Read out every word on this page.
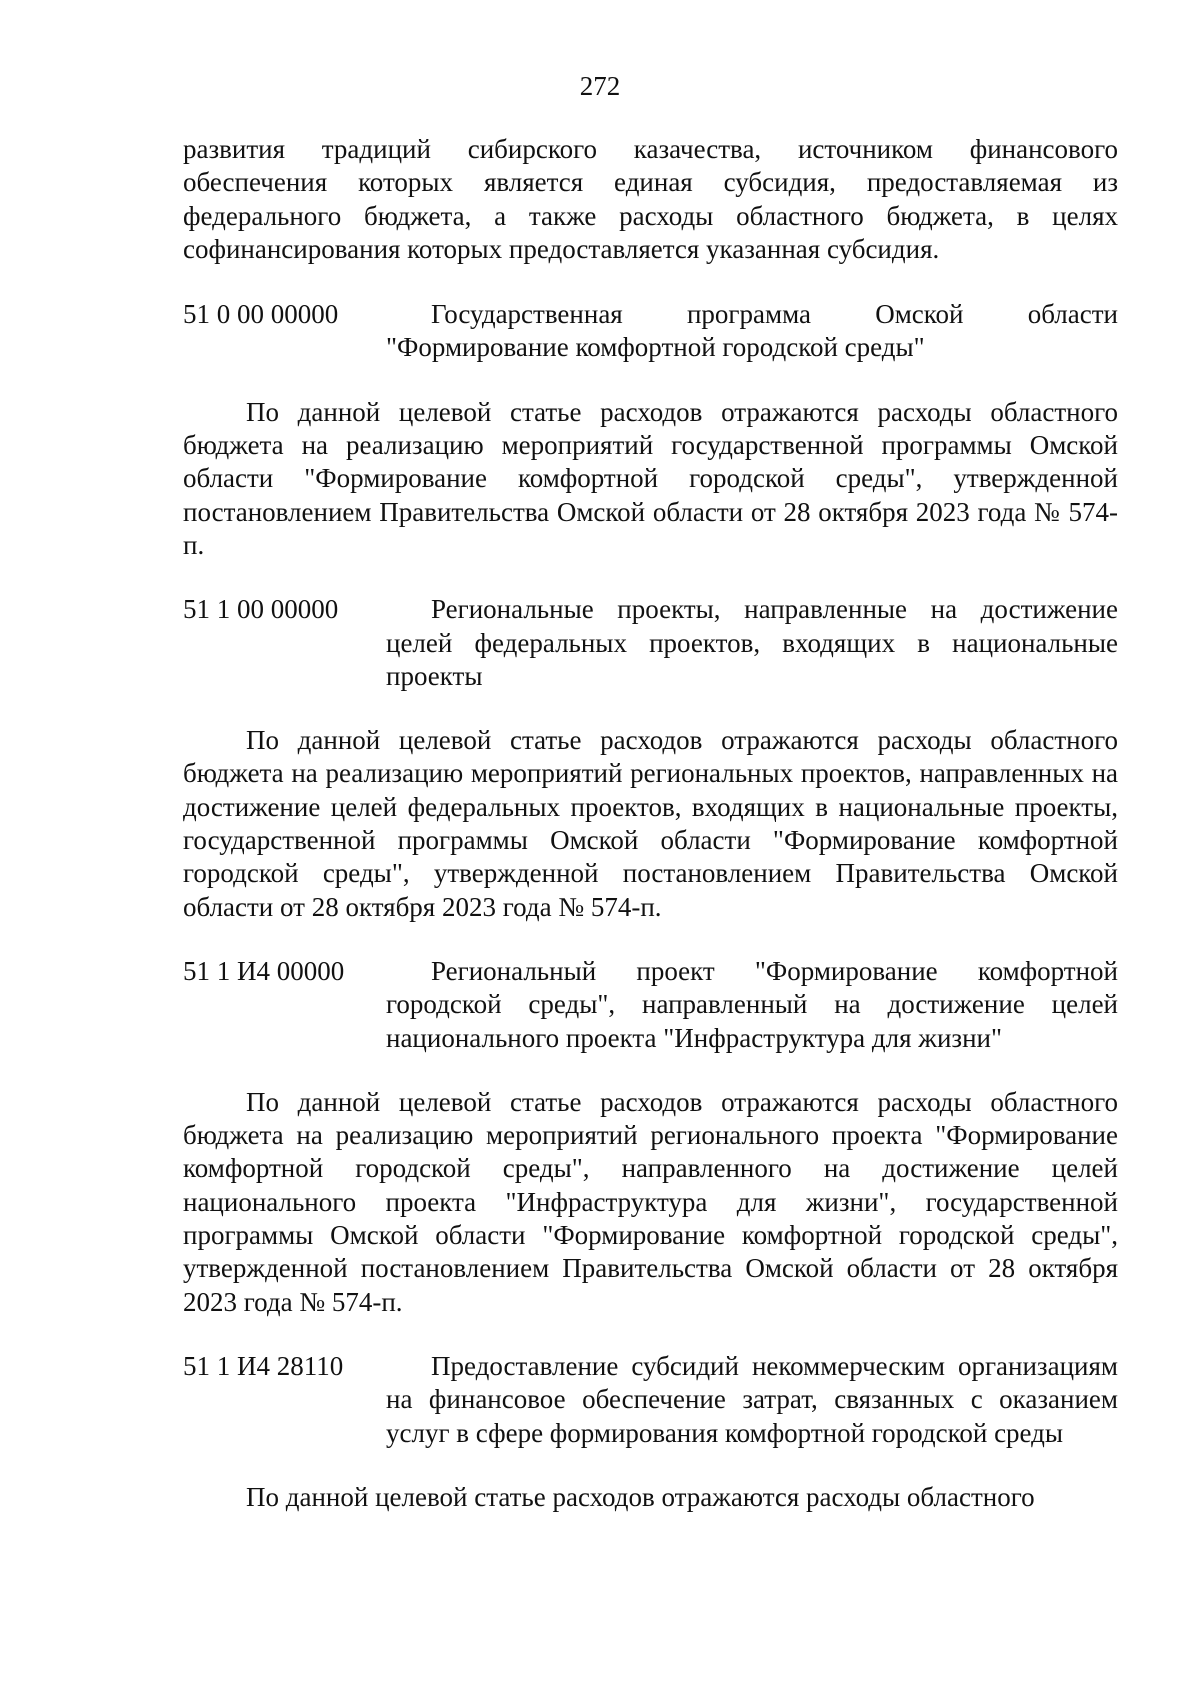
272

развития традиций сибирского казачества, источником финансового обеспечения которых является единая субсидия, предоставляемая из федерального бюджета, а также расходы областного бюджета, в целях софинансирования которых предоставляется указанная субсидия.

51 0 00 00000	Государственная программа Омской области "Формирование комфортной городской среды"

По данной целевой статье расходов отражаются расходы областного бюджета на реализацию мероприятий государственной программы Омской области "Формирование комфортной городской среды", утвержденной постановлением Правительства Омской области от 28 октября 2023 года № 574-п.

51 1 00 00000	Региональные проекты, направленные на достижение целей федеральных проектов, входящих в национальные проекты

По данной целевой статье расходов отражаются расходы областного бюджета на реализацию мероприятий региональных проектов, направленных на достижение целей федеральных проектов, входящих в национальные проекты, государственной программы Омской области "Формирование комфортной городской среды", утвержденной постановлением Правительства Омской области от 28 октября 2023 года № 574-п.

51 1 И4 00000	Региональный проект "Формирование комфортной городской среды", направленный на достижение целей национального проекта "Инфраструктура для жизни"

По данной целевой статье расходов отражаются расходы областного бюджета на реализацию мероприятий регионального проекта "Формирование комфортной городской среды", направленного на достижение целей национального проекта "Инфраструктура для жизни", государственной программы Омской области "Формирование комфортной городской среды", утвержденной постановлением Правительства Омской области от 28 октября 2023 года № 574-п.

51 1 И4 28110	Предоставление субсидий некоммерческим организациям на финансовое обеспечение затрат, связанных с оказанием услуг в сфере формирования комфортной городской среды

По данной целевой статье расходов отражаются расходы областного
